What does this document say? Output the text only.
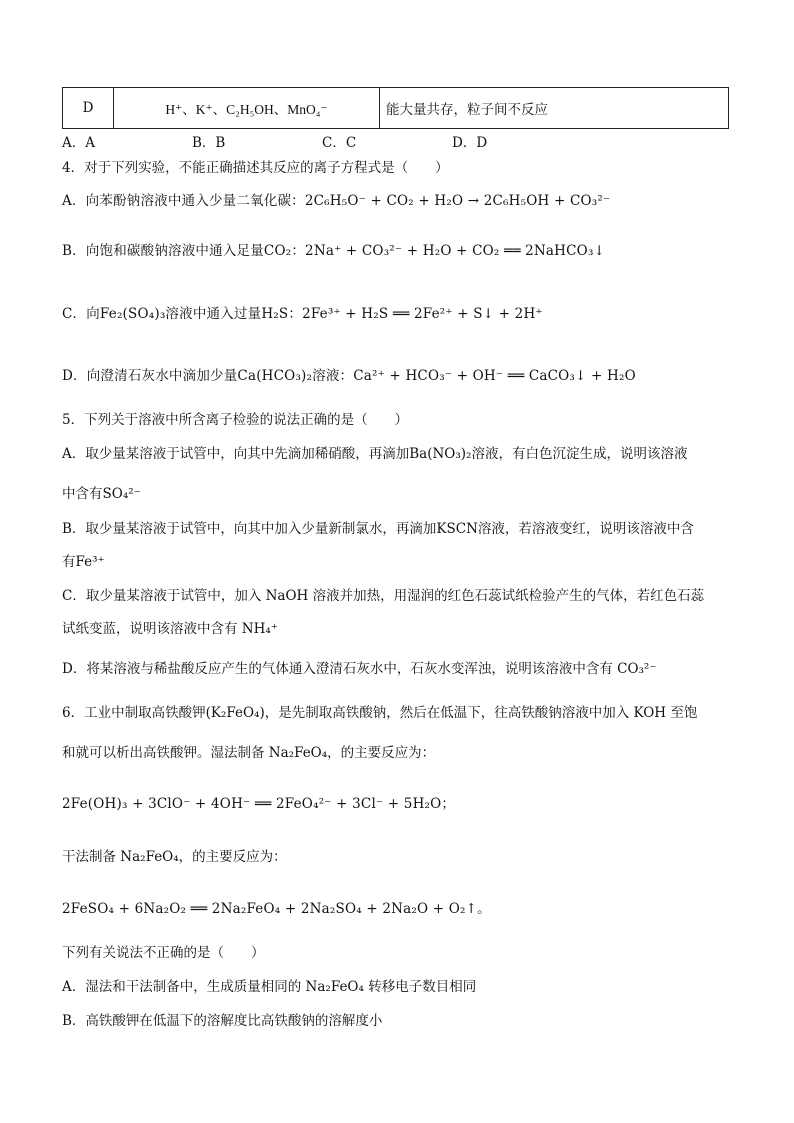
D	H⁺、K⁺、C₂H₅OH、MnO₄⁻	能大量共存，粒子间不反应
A．A	B．B	C．C	D．D
4．对于下列实验，不能正确描述其反应的离子方程式是（　　）
A．向苯酚钠溶液中通入少量二氧化碳：2C₆H₅O⁻ + CO₂ + H₂O → 2C₆H₅OH + CO₃²⁻
B．向饱和碳酸钠溶液中通入足量CO₂：2Na⁺ + CO₃²⁻ + H₂O + CO₂ ══ 2NaHCO₃↓
C．向Fe₂(SO₄)₃溶液中通入过量H₂S：2Fe³⁺ + H₂S ══ 2Fe²⁺ + S↓ + 2H⁺
D．向澄清石灰水中滴加少量Ca(HCO₃)₂溶液：Ca²⁺ + HCO₃⁻ + OH⁻ ══ CaCO₃↓ + H₂O
5．下列关于溶液中所含离子检验的说法正确的是（　　）
A．取少量某溶液于试管中，向其中先滴加稀硝酸，再滴加Ba(NO₃)₂溶液，有白色沉淀生成，说明该溶液
中含有SO₄²⁻
B．取少量某溶液于试管中，向其中加入少量新制氯水，再滴加KSCN溶液，若溶液变红，说明该溶液中含
有Fe³⁺
C．取少量某溶液于试管中，加入 NaOH 溶液并加热，用湿润的红色石蕊试纸检验产生的气体，若红色石蕊
试纸变蓝，说明该溶液中含有 NH₄⁺
D．将某溶液与稀盐酸反应产生的气体通入澄清石灰水中，石灰水变浑浊，说明该溶液中含有 CO₃²⁻
6．工业中制取高铁酸钾(K₂FeO₄)，是先制取高铁酸钠，然后在低温下，往高铁酸钠溶液中加入 KOH 至饱
和就可以析出高铁酸钾。湿法制备 Na₂FeO₄，的主要反应为：
2Fe(OH)₃ + 3ClO⁻ + 4OH⁻ ══ 2FeO₄²⁻ + 3Cl⁻ + 5H₂O；
干法制备 Na₂FeO₄，的主要反应为：
2FeSO₄ + 6Na₂O₂ ══ 2Na₂FeO₄ + 2Na₂SO₄ + 2Na₂O + O₂↑。
下列有关说法不正确的是（　　）
A．湿法和干法制备中，生成质量相同的 Na₂FeO₄ 转移电子数目相同
B．高铁酸钾在低温下的溶解度比高铁酸钠的溶解度小
